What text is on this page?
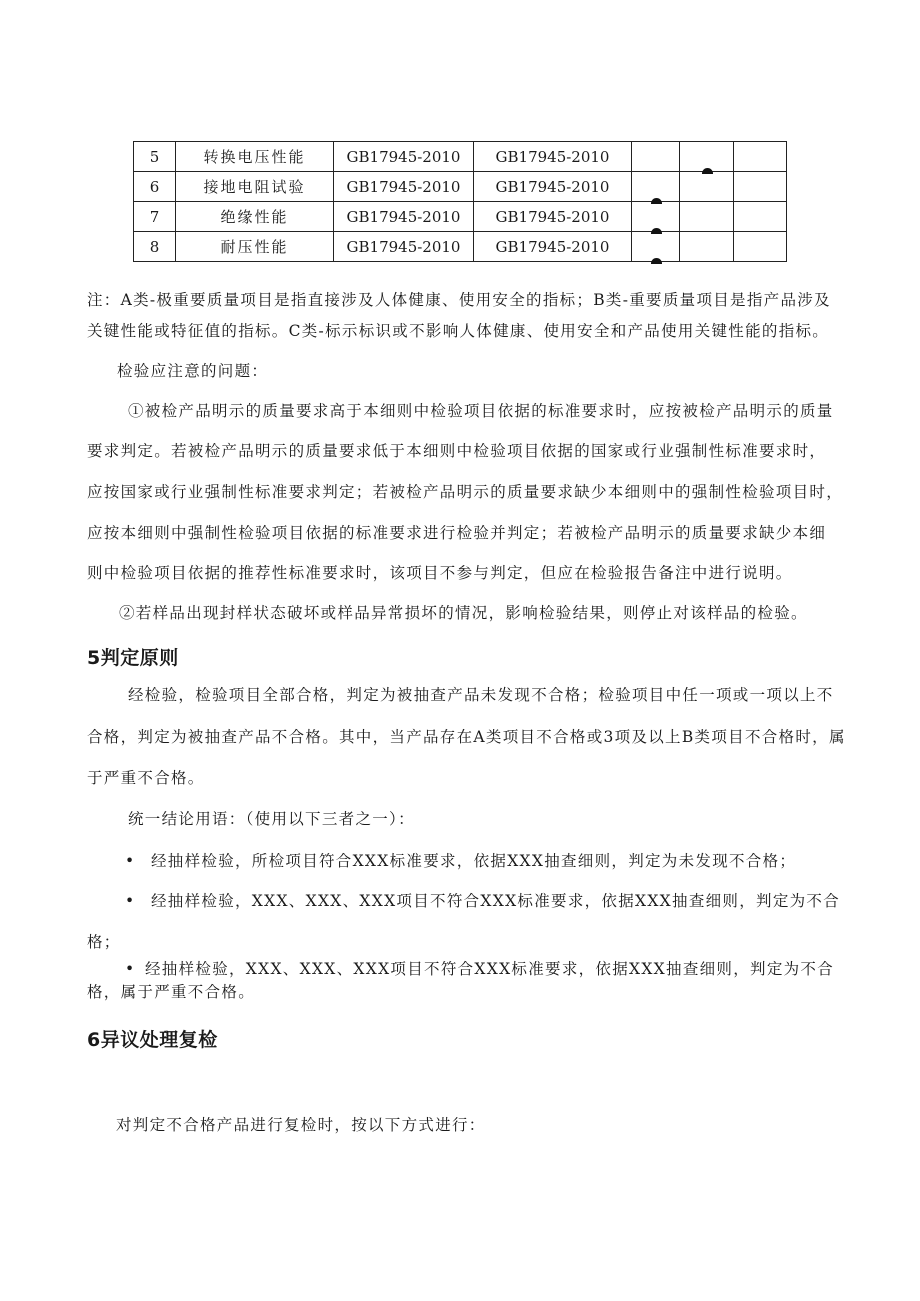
5	转换电压性能	GB17945-2010	GB17945-2010		

6	接地电阻试验	GB17945-2010	GB17945-2010	

7	绝缘性能	GB17945-2010	GB17945-2010	

8	耐压性能	GB17945-2010	GB17945-2010	

注：A类-极重要质量项目是指直接涉及人体健康、使用安全的指标；B类-重要质量项目是指产品涉及

关键性能或特征值的指标。C类-标示标识或不影响人体健康、使用安全和产品使用关键性能的指标。

检验应注意的问题：

①被检产品明示的质量要求高于本细则中检验项目依据的标准要求时，应按被检产品明示的质量

要求判定。若被检产品明示的质量要求低于本细则中检验项目依据的国家或行业强制性标准要求时，

应按国家或行业强制性标准要求判定；若被检产品明示的质量要求缺少本细则中的强制性检验项目时，

应按本细则中强制性检验项目依据的标准要求进行检验并判定；若被检产品明示的质量要求缺少本细

则中检验项目依据的推荐性标准要求时，该项目不参与判定，但应在检验报告备注中进行说明。

②若样品出现封样状态破坏或样品异常损坏的情况，影响检验结果，则停止对该样品的检验。

5判定原则

经检验，检验项目全部合格，判定为被抽查产品未发现不合格；检验项目中任一项或一项以上不

合格，判定为被抽查产品不合格。其中，当产品存在A类项目不合格或3项及以上B类项目不合格时，属

于严重不合格。

统一结论用语：（使用以下三者之一）：

• 经抽样检验，所检项目符合XXX标准要求，依据XXX抽查细则，判定为未发现不合格；

• 经抽样检验，XXX、XXX、XXX项目不符合XXX标准要求，依据XXX抽查细则，判定为不合

格；

• 经抽样检验，XXX、XXX、XXX项目不符合XXX标准要求，依据XXX抽查细则，判定为不合

格，属于严重不合格。

6异议处理复检

对判定不合格产品进行复检时，按以下方式进行：
